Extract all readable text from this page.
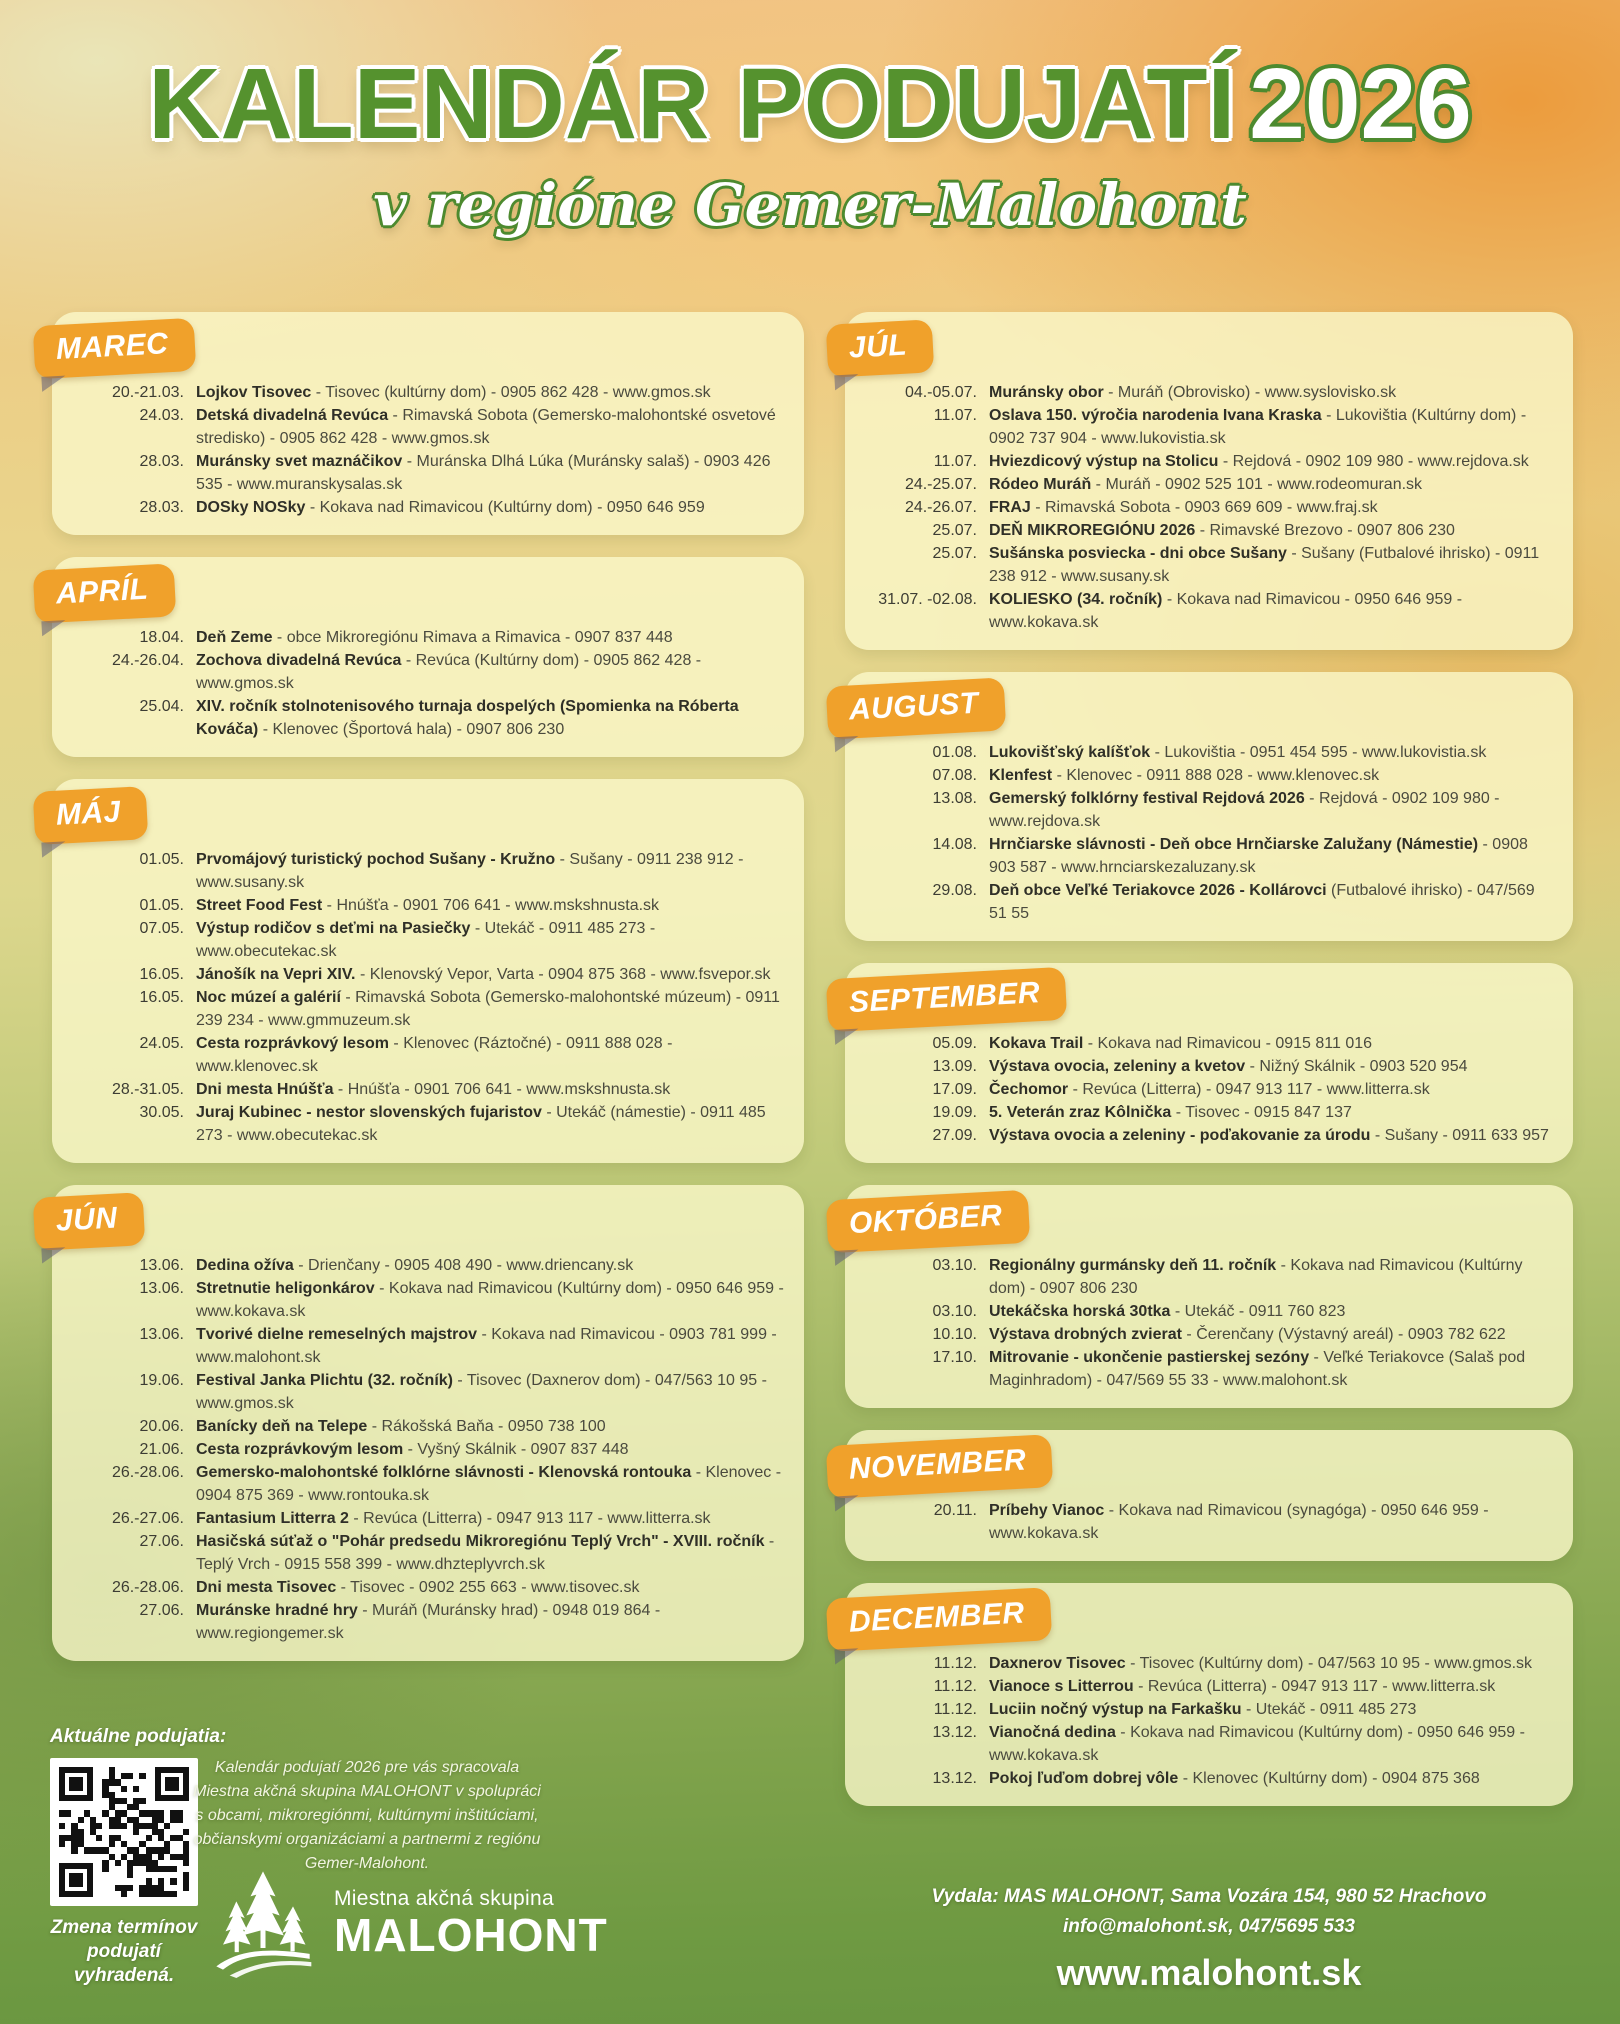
KALENDÁR PODUJATÍ 2026
v regióne Gemer-Malohont
MAREC
20.-21.03. Lojkov Tisovec - Tisovec (kultúrny dom) - 0905 862 428 - www.gmos.sk
24.03. Detská divadelná Revúca - Rimavská Sobota (Gemersko-malohontské osvetové stredisko) - 0905 862 428 - www.gmos.sk
28.03. Muránsky svet maznáčikov - Muránska Dlhá Lúka (Muránsky salaš) - 0903 426 535 - www.muranskysalas.sk
28.03. DOSky NOSky - Kokava nad Rimavicou (Kultúrny dom) - 0950 646 959
APRÍL
18.04. Deň Zeme - obce Mikroregiónu Rimava a Rimavica - 0907 837 448
24.-26.04. Zochova divadelná Revúca - Revúca (Kultúrny dom) - 0905 862 428 - www.gmos.sk
25.04. XIV. ročník stolnotenisového turnaja dospelých (Spomienka na Róberta Kováča) - Klenovec (Športová hala) - 0907 806 230
MÁJ
01.05. Prvomájový turistický pochod Sušany - Kružno - Sušany - 0911 238 912 - www.susany.sk
01.05. Street Food Fest - Hnúšťa - 0901 706 641 - www.mskshnusta.sk
07.05. Výstup rodičov s deťmi na Pasiečky - Utekáč - 0911 485 273 - www.obecutekac.sk
16.05. Jánošík na Vepri XIV. - Klenovský Vepor, Varta - 0904 875 368 - www.fsvepor.sk
16.05. Noc múzeí a galérií - Rimavská Sobota (Gemersko-malohontské múzeum) - 0911 239 234 - www.gmmuzeum.sk
24.05. Cesta rozprávkový lesom - Klenovec (Ráztočné) - 0911 888 028 - www.klenovec.sk
28.-31.05. Dni mesta Hnúšťa - Hnúšťa - 0901 706 641 - www.mskshnusta.sk
30.05. Juraj Kubinec - nestor slovenských fujaristov - Utekáč (námestie) - 0911 485 273 - www.obecutekac.sk
JÚN
13.06. Dedina ožíva - Drienčany - 0905 408 490 - www.driencany.sk
13.06. Stretnutie heligonkárov - Kokava nad Rimavicou (Kultúrny dom) - 0950 646 959 - www.kokava.sk
13.06. Tvorivé dielne remeselných majstrov - Kokava nad Rimavicou - 0903 781 999 - www.malohont.sk
19.06. Festival Janka Plichtu (32. ročník) - Tisovec (Daxnerov dom) - 047/563 10 95 - www.gmos.sk
20.06. Banícky deň na Telepe - Rákošská Baňa - 0950 738 100
21.06. Cesta rozprávkovým lesom - Vyšný Skálnik - 0907 837 448
26.-28.06. Gemersko-malohontské folklórne slávnosti - Klenovská rontouka - Klenovec - 0904 875 369 - www.rontouka.sk
26.-27.06. Fantasium Litterra 2 - Revúca (Litterra) - 0947 913 117 - www.litterra.sk
27.06. Hasičská súťaž o "Pohár predsedu Mikroregiónu Teplý Vrch" - XVIII. ročník - Teplý Vrch - 0915 558 399 - www.dhzteplyvrch.sk
26.-28.06. Dni mesta Tisovec - Tisovec - 0902 255 663 - www.tisovec.sk
27.06. Muránske hradné hry - Muráň (Muránsky hrad) - 0948 019 864 - www.regiongemer.sk
JÚL
04.-05.07. Muránsky obor - Muráň (Obrovisko) - www.syslovisko.sk
11.07. Oslava 150. výročia narodenia Ivana Kraska - Lukovištia (Kultúrny dom) - 0902 737 904 - www.lukovistia.sk
11.07. Hviezdicový výstup na Stolicu - Rejdová - 0902 109 980 - www.rejdova.sk
24.-25.07. Ródeo Muráň - Muráň - 0902 525 101 - www.rodeomuran.sk
24.-26.07. FRAJ - Rimavská Sobota - 0903 669 609 - www.fraj.sk
25.07. DEŇ MIKROREGIÓNU 2026 - Rimavské Brezovo - 0907 806 230
25.07. Sušánska posviecka - dni obce Sušany - Sušany (Futbalové ihrisko) - 0911 238 912 - www.susany.sk
31.07. -02.08. KOLIESKO (34. ročník) - Kokava nad Rimavicou - 0950 646 959 - www.kokava.sk
AUGUST
01.08. Lukovišťský kalíšťok - Lukovištia - 0951 454 595 - www.lukovistia.sk
07.08. Klenfest - Klenovec - 0911 888 028 - www.klenovec.sk
13.08. Gemerský folklórny festival Rejdová 2026 - Rejdová - 0902 109 980 - www.rejdova.sk
14.08. Hrnčiarske slávnosti - Deň obce Hrnčiarske Zalužany (Námestie) - 0908 903 587 - www.hrnciarskezaluzany.sk
29.08. Deň obce Veľké Teriakovce 2026 - Kollárovci (Futbalové ihrisko) - 047/569 51 55
SEPTEMBER
05.09. Kokava Trail - Kokava nad Rimavicou - 0915 811 016
13.09. Výstava ovocia, zeleniny a kvetov - Nižný Skálnik - 0903 520 954
17.09. Čechomor - Revúca (Litterra) - 0947 913 117 - www.litterra.sk
19.09. 5. Veterán zraz Kôlnička - Tisovec - 0915 847 137
27.09. Výstava ovocia a zeleniny - poďakovanie za úrodu - Sušany - 0911 633 957
OKTÓBER
03.10. Regionálny gurmánsky deň 11. ročník - Kokava nad Rimavicou (Kultúrny dom) - 0907 806 230
03.10. Utekáčska horská 30tka - Utekáč - 0911 760 823
10.10. Výstava drobných zvierat - Čerenčany (Výstavný areál) - 0903 782 622
17.10. Mitrovanie - ukončenie pastierskej sezóny - Veľké Teriakovce (Salaš pod Maginhradom) - 047/569 55 33 - www.malohont.sk
NOVEMBER
20.11. Príbehy Vianoc - Kokava nad Rimavicou (synagóga) - 0950 646 959 - www.kokava.sk
DECEMBER
11.12. Daxnerov Tisovec - Tisovec (Kultúrny dom) - 047/563 10 95 - www.gmos.sk
11.12. Vianoce s Litterrou - Revúca (Litterra) - 0947 913 117 - www.litterra.sk
11.12. Luciin nočný výstup na Farkašku - Utekáč - 0911 485 273
13.12. Vianočná dedina - Kokava nad Rimavicou (Kultúrny dom) - 0950 646 959 - www.kokava.sk
13.12. Pokoj ľuďom dobrej vôle - Klenovec (Kultúrny dom) - 0904 875 368
Aktuálne podujatia:
Zmena termínov podujatí vyhradená.
Kalendár podujatí 2026 pre vás spracovala Miestna akčná skupina MALOHONT v spolupráci s obcami, mikroregiónmi, kultúrnymi inštitúciami, občianskymi organizáciami a partnermi z regiónu Gemer-Malohont.
Miestna akčná skupina
MALOHONT
Vydala: MAS MALOHONT, Sama Vozára 154, 980 52 Hrachovo
info@malohont.sk, 047/5695 533
www.malohont.sk
